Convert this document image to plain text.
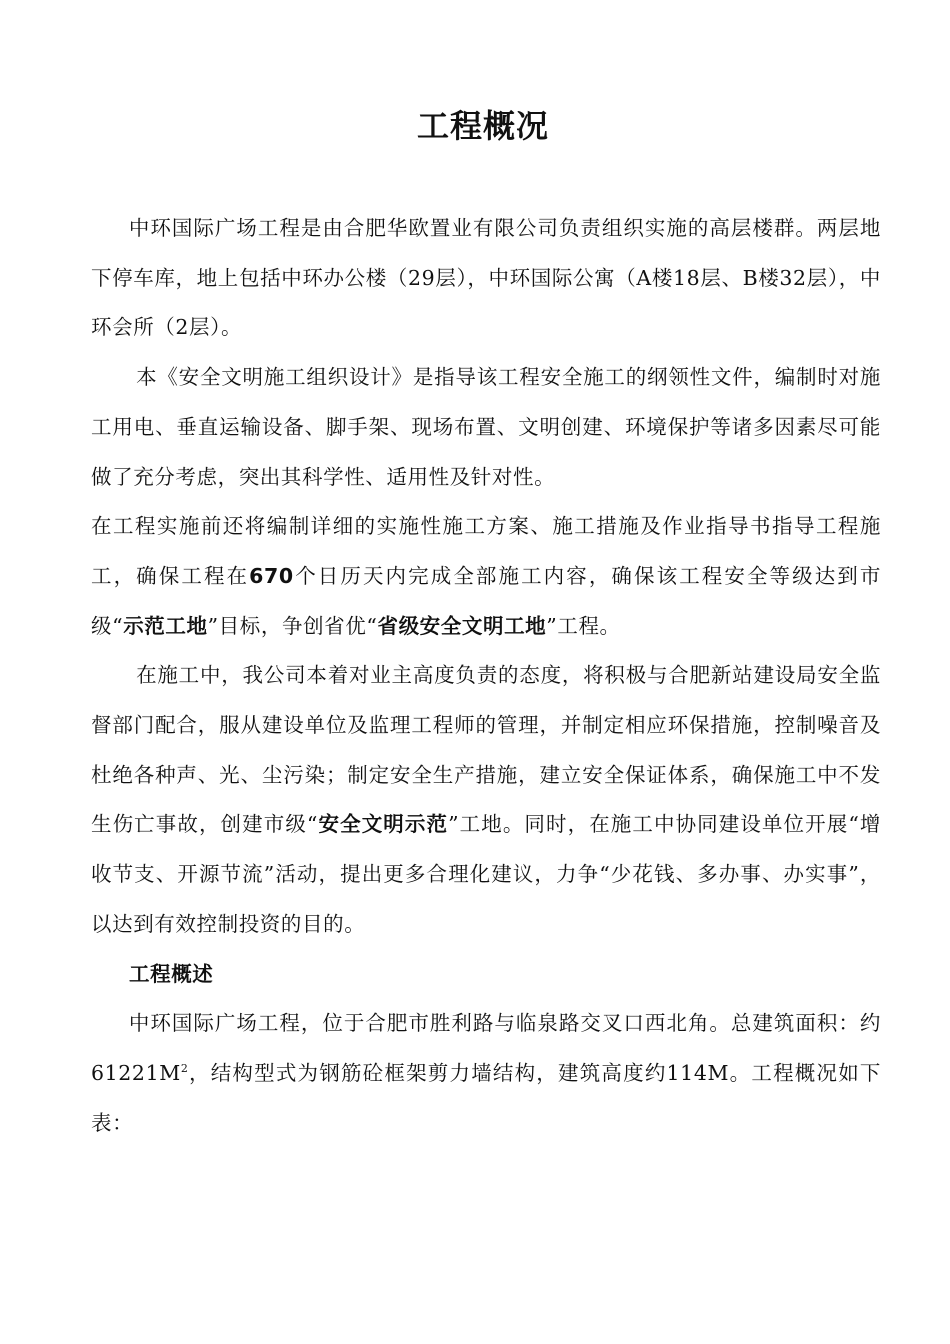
工程概况

中环国际广场工程是由合肥华欧置业有限公司负责组织实施的高层楼群。两层地下停车库，地上包括中环办公楼（29层），中环国际公寓（A楼18层、B楼32层），中环会所（2层）。

本《安全文明施工组织设计》是指导该工程安全施工的纲领性文件，编制时对施工用电、垂直运输设备、脚手架、现场布置、文明创建、环境保护等诸多因素尽可能做了充分考虑，突出其科学性、适用性及针对性。

在工程实施前还将编制详细的实施性施工方案、施工措施及作业指导书指导工程施工，确保工程在670个日历天内完成全部施工内容，确保该工程安全等级达到市级“示范工地”目标，争创省优“省级安全文明工地”工程。

在施工中，我公司本着对业主高度负责的态度，将积极与合肥新站建设局安全监督部门配合，服从建设单位及监理工程师的管理，并制定相应环保措施，控制噪音及杜绝各种声、光、尘污染；制定安全生产措施，建立安全保证体系，确保施工中不发生伤亡事故，创建市级“安全文明示范”工地。同时，在施工中协同建设单位开展“增收节支、开源节流”活动，提出更多合理化建议，力争“少花钱、多办事、办实事”，以达到有效控制投资的目的。

工程概述

中环国际广场工程，位于合肥市胜利路与临泉路交叉口西北角。总建筑面积：约$61221M^2$，结构型式为钢筋砼框架剪力墙结构，建筑高度约114M。工程概况如下表：
